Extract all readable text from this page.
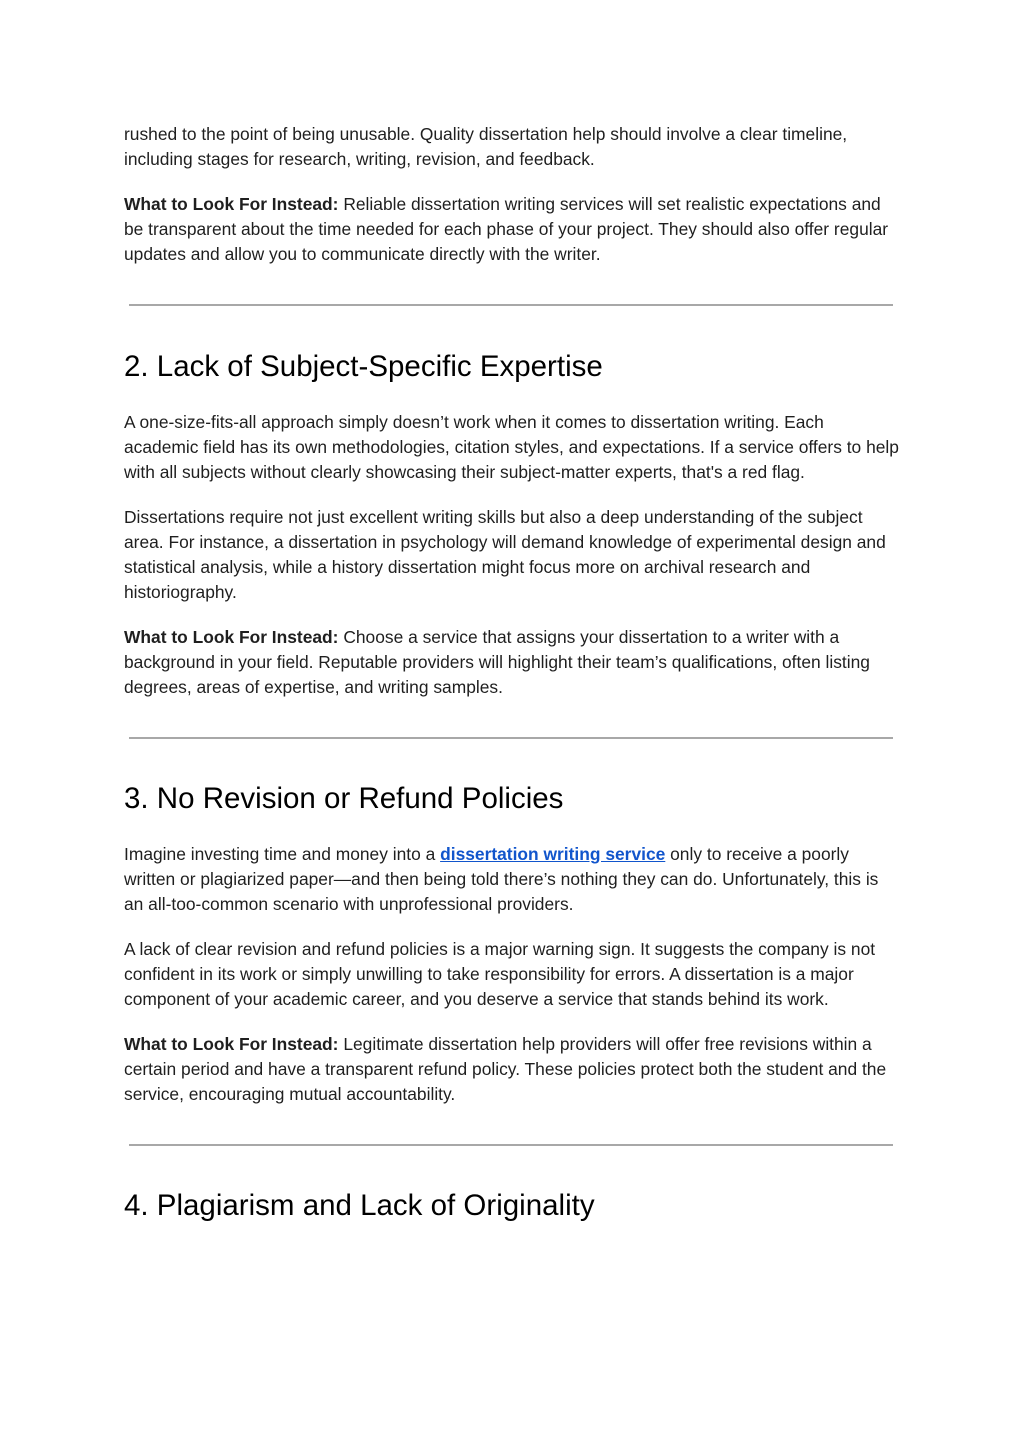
rushed to the point of being unusable. Quality dissertation help should involve a clear timeline, including stages for research, writing, revision, and feedback.

What to Look For Instead: Reliable dissertation writing services will set realistic expectations and be transparent about the time needed for each phase of your project. They should also offer regular updates and allow you to communicate directly with the writer.

2. Lack of Subject-Specific Expertise

A one-size-fits-all approach simply doesn’t work when it comes to dissertation writing. Each academic field has its own methodologies, citation styles, and expectations. If a service offers to help with all subjects without clearly showcasing their subject-matter experts, that's a red flag.

Dissertations require not just excellent writing skills but also a deep understanding of the subject area. For instance, a dissertation in psychology will demand knowledge of experimental design and statistical analysis, while a history dissertation might focus more on archival research and historiography.

What to Look For Instead: Choose a service that assigns your dissertation to a writer with a background in your field. Reputable providers will highlight their team’s qualifications, often listing degrees, areas of expertise, and writing samples.

3. No Revision or Refund Policies

Imagine investing time and money into a dissertation writing service only to receive a poorly written or plagiarized paper—and then being told there’s nothing they can do. Unfortunately, this is an all-too-common scenario with unprofessional providers.

A lack of clear revision and refund policies is a major warning sign. It suggests the company is not confident in its work or simply unwilling to take responsibility for errors. A dissertation is a major component of your academic career, and you deserve a service that stands behind its work.

What to Look For Instead: Legitimate dissertation help providers will offer free revisions within a certain period and have a transparent refund policy. These policies protect both the student and the service, encouraging mutual accountability.

4. Plagiarism and Lack of Originality
